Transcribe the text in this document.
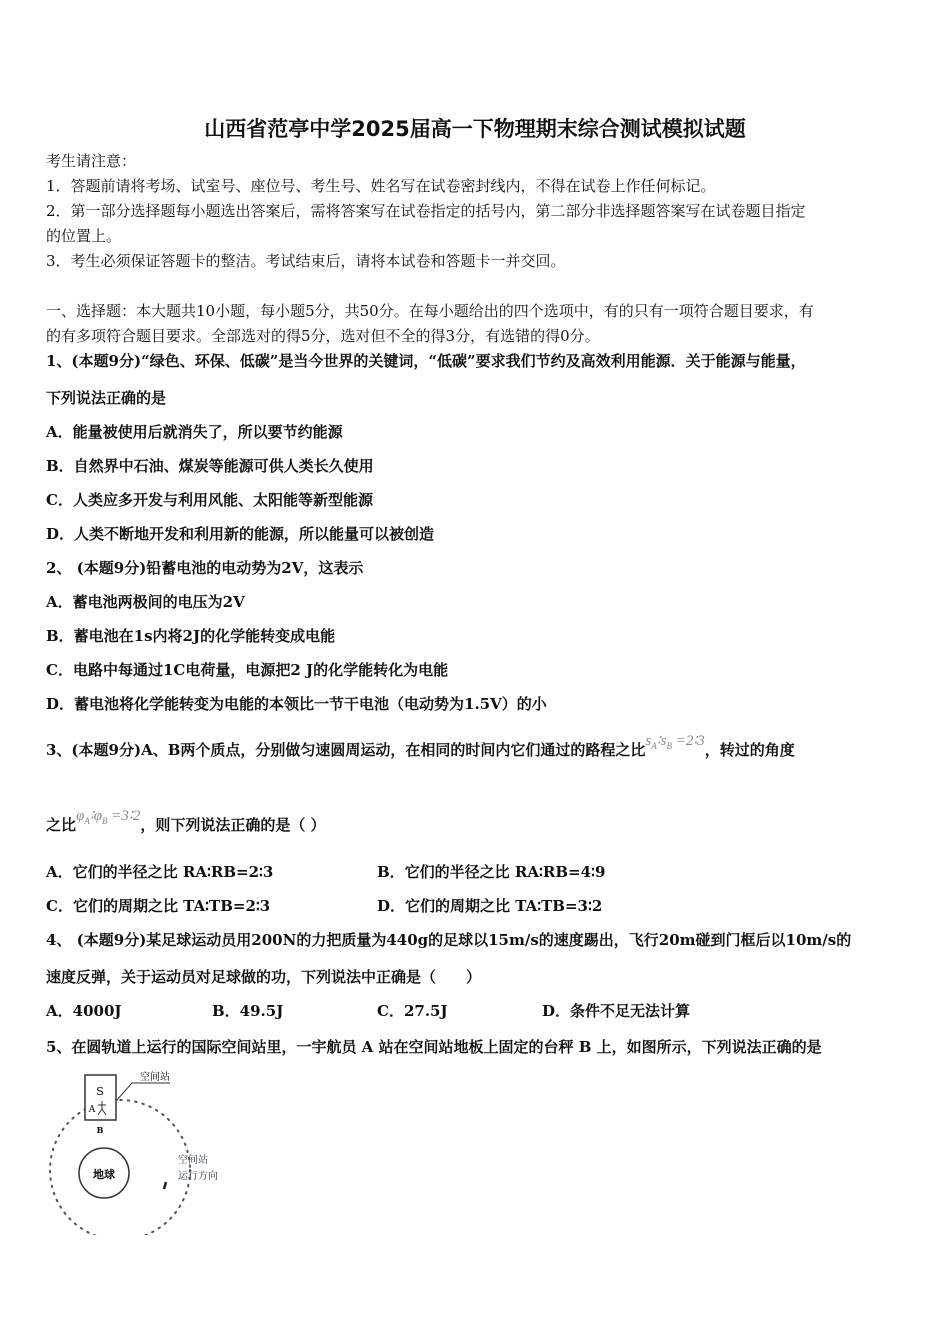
山西省范亭中学2025届高一下物理期末综合测试模拟试题
考生请注意：
1．答题前请将考场、试室号、座位号、考生号、姓名写在试卷密封线内，不得在试卷上作任何标记。
2．第一部分选择题每小题选出答案后，需将答案写在试卷指定的括号内，第二部分非选择题答案写在试卷题目指定
的位置上。
3．考生必须保证答题卡的整洁。考试结束后，请将本试卷和答题卡一并交回。
一、选择题：本大题共10小题，每小题5分，共50分。在每小题给出的四个选项中，有的只有一项符合题目要求，有
的有多项符合题目要求。全部选对的得5分，选对但不全的得3分，有选错的得0分。
1、(本题9分)“绿色、环保、低碳”是当今世界的关键词，“低碳”要求我们节约及高效利用能源．关于能源与能量，
下列说法正确的是
A．能量被使用后就消失了，所以要节约能源
B．自然界中石油、煤炭等能源可供人类长久使用
C．人类应多开发与利用风能、太阳能等新型能源
D．人类不断地开发和利用新的能源，所以能量可以被创造
2、 (本题9分)铅蓄电池的电动势为2V，这表示
A．蓄电池两极间的电压为2V
B．蓄电池在1s内将2J的化学能转变成电能
C．电路中每通过1C电荷量，电源把2 J的化学能转化为电能
D．蓄电池将化学能转变为电能的本领比一节干电池（电动势为1.5V）的小
3、(本题9分)A、B两个质点，分别做匀速圆周运动，在相同的时间内它们通过的路程之比$s_A∶s_B$ =2∶3，转过的角度
之比$\varphi_A∶\varphi_B$ =3∶2，则下列说法正确的是（ ）
A．它们的半径之比 RA∶RB=2∶3	B．它们的半径之比 RA∶RB=4∶9
C．它们的周期之比 TA∶TB=2∶3	D．它们的周期之比 TA∶TB=3∶2
4、 (本题9分)某足球运动员用200N的力把质量为440g的足球以15m/s的速度踢出，飞行20m碰到门框后以10m/s的
速度反弹，关于运动员对足球做的功，下列说法中正确是（　　）
A．4000J	B．49.5J	C．27.5J	D．条件不足无法计算
5、在圆轨道上运行的国际空间站里，一宇航员 A 站在空间站地板上固定的台秤 B 上，如图所示，下列说法正确的是
地球
S
A
B
空间站
空间站
运行方向
